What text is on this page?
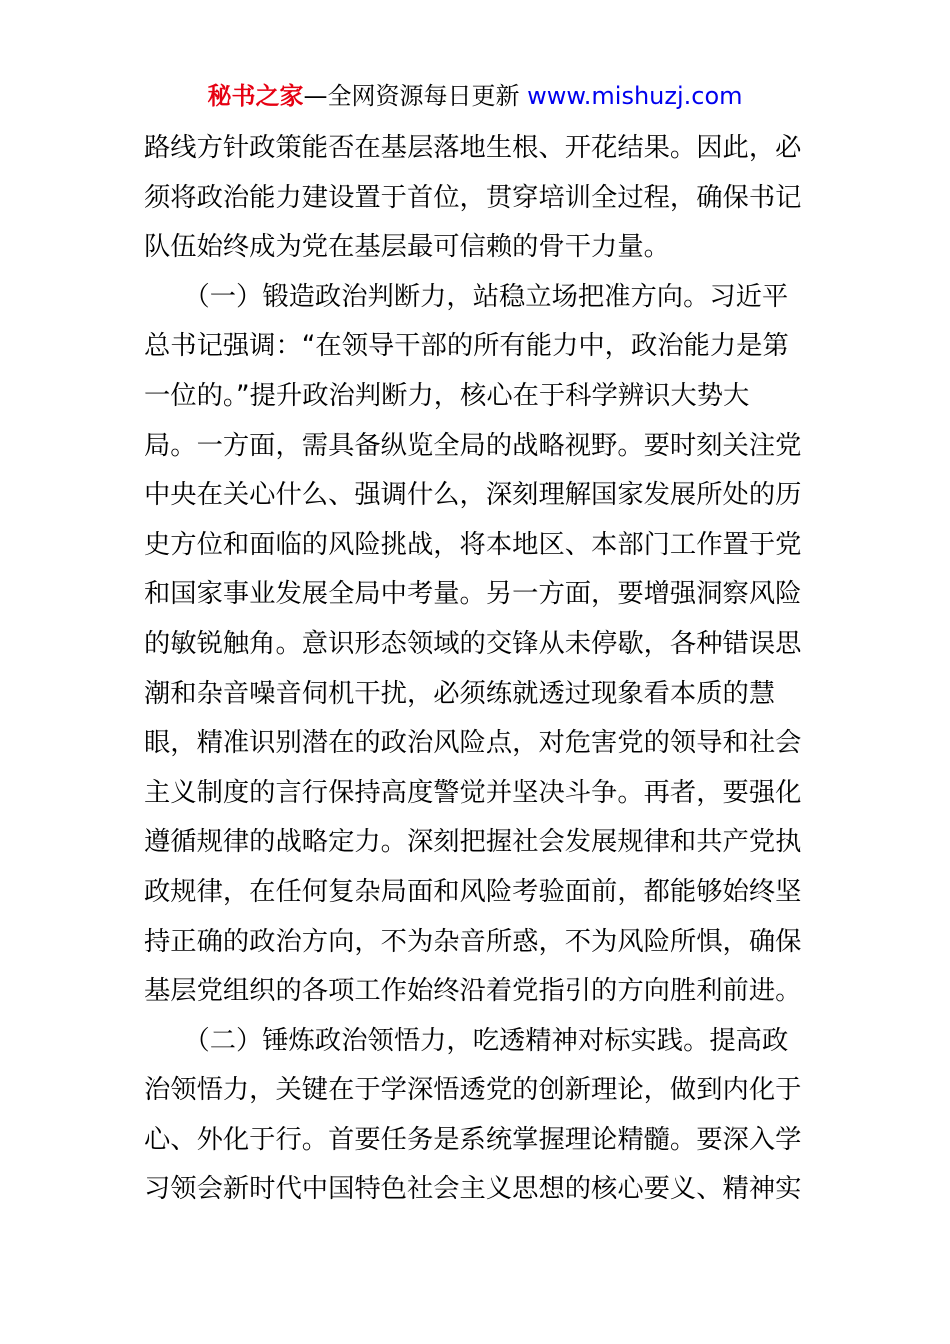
秘书之家—全网资源每日更新 www.mishuzj.com
路线方针政策能否在基层落地生根、开花结果。因此，必
须将政治能力建设置于首位，贯穿培训全过程，确保书记
队伍始终成为党在基层最可信赖的骨干力量。
　　（一）锻造政治判断力，站稳立场把准方向。习近平
总书记强调：“在领导干部的所有能力中，政治能力是第
一位的。”提升政治判断力，核心在于科学辨识大势大
局。一方面，需具备纵览全局的战略视野。要时刻关注党
中央在关心什么、强调什么，深刻理解国家发展所处的历
史方位和面临的风险挑战，将本地区、本部门工作置于党
和国家事业发展全局中考量。另一方面，要增强洞察风险
的敏锐触角。意识形态领域的交锋从未停歇，各种错误思
潮和杂音噪音伺机干扰，必须练就透过现象看本质的慧
眼，精准识别潜在的政治风险点，对危害党的领导和社会
主义制度的言行保持高度警觉并坚决斗争。再者，要强化
遵循规律的战略定力。深刻把握社会发展规律和共产党执
政规律，在任何复杂局面和风险考验面前，都能够始终坚
持正确的政治方向，不为杂音所惑，不为风险所惧，确保
基层党组织的各项工作始终沿着党指引的方向胜利前进。
　　（二）锤炼政治领悟力，吃透精神对标实践。提高政
治领悟力，关键在于学深悟透党的创新理论，做到内化于
心、外化于行。首要任务是系统掌握理论精髓。要深入学
习领会新时代中国特色社会主义思想的核心要义、精神实
